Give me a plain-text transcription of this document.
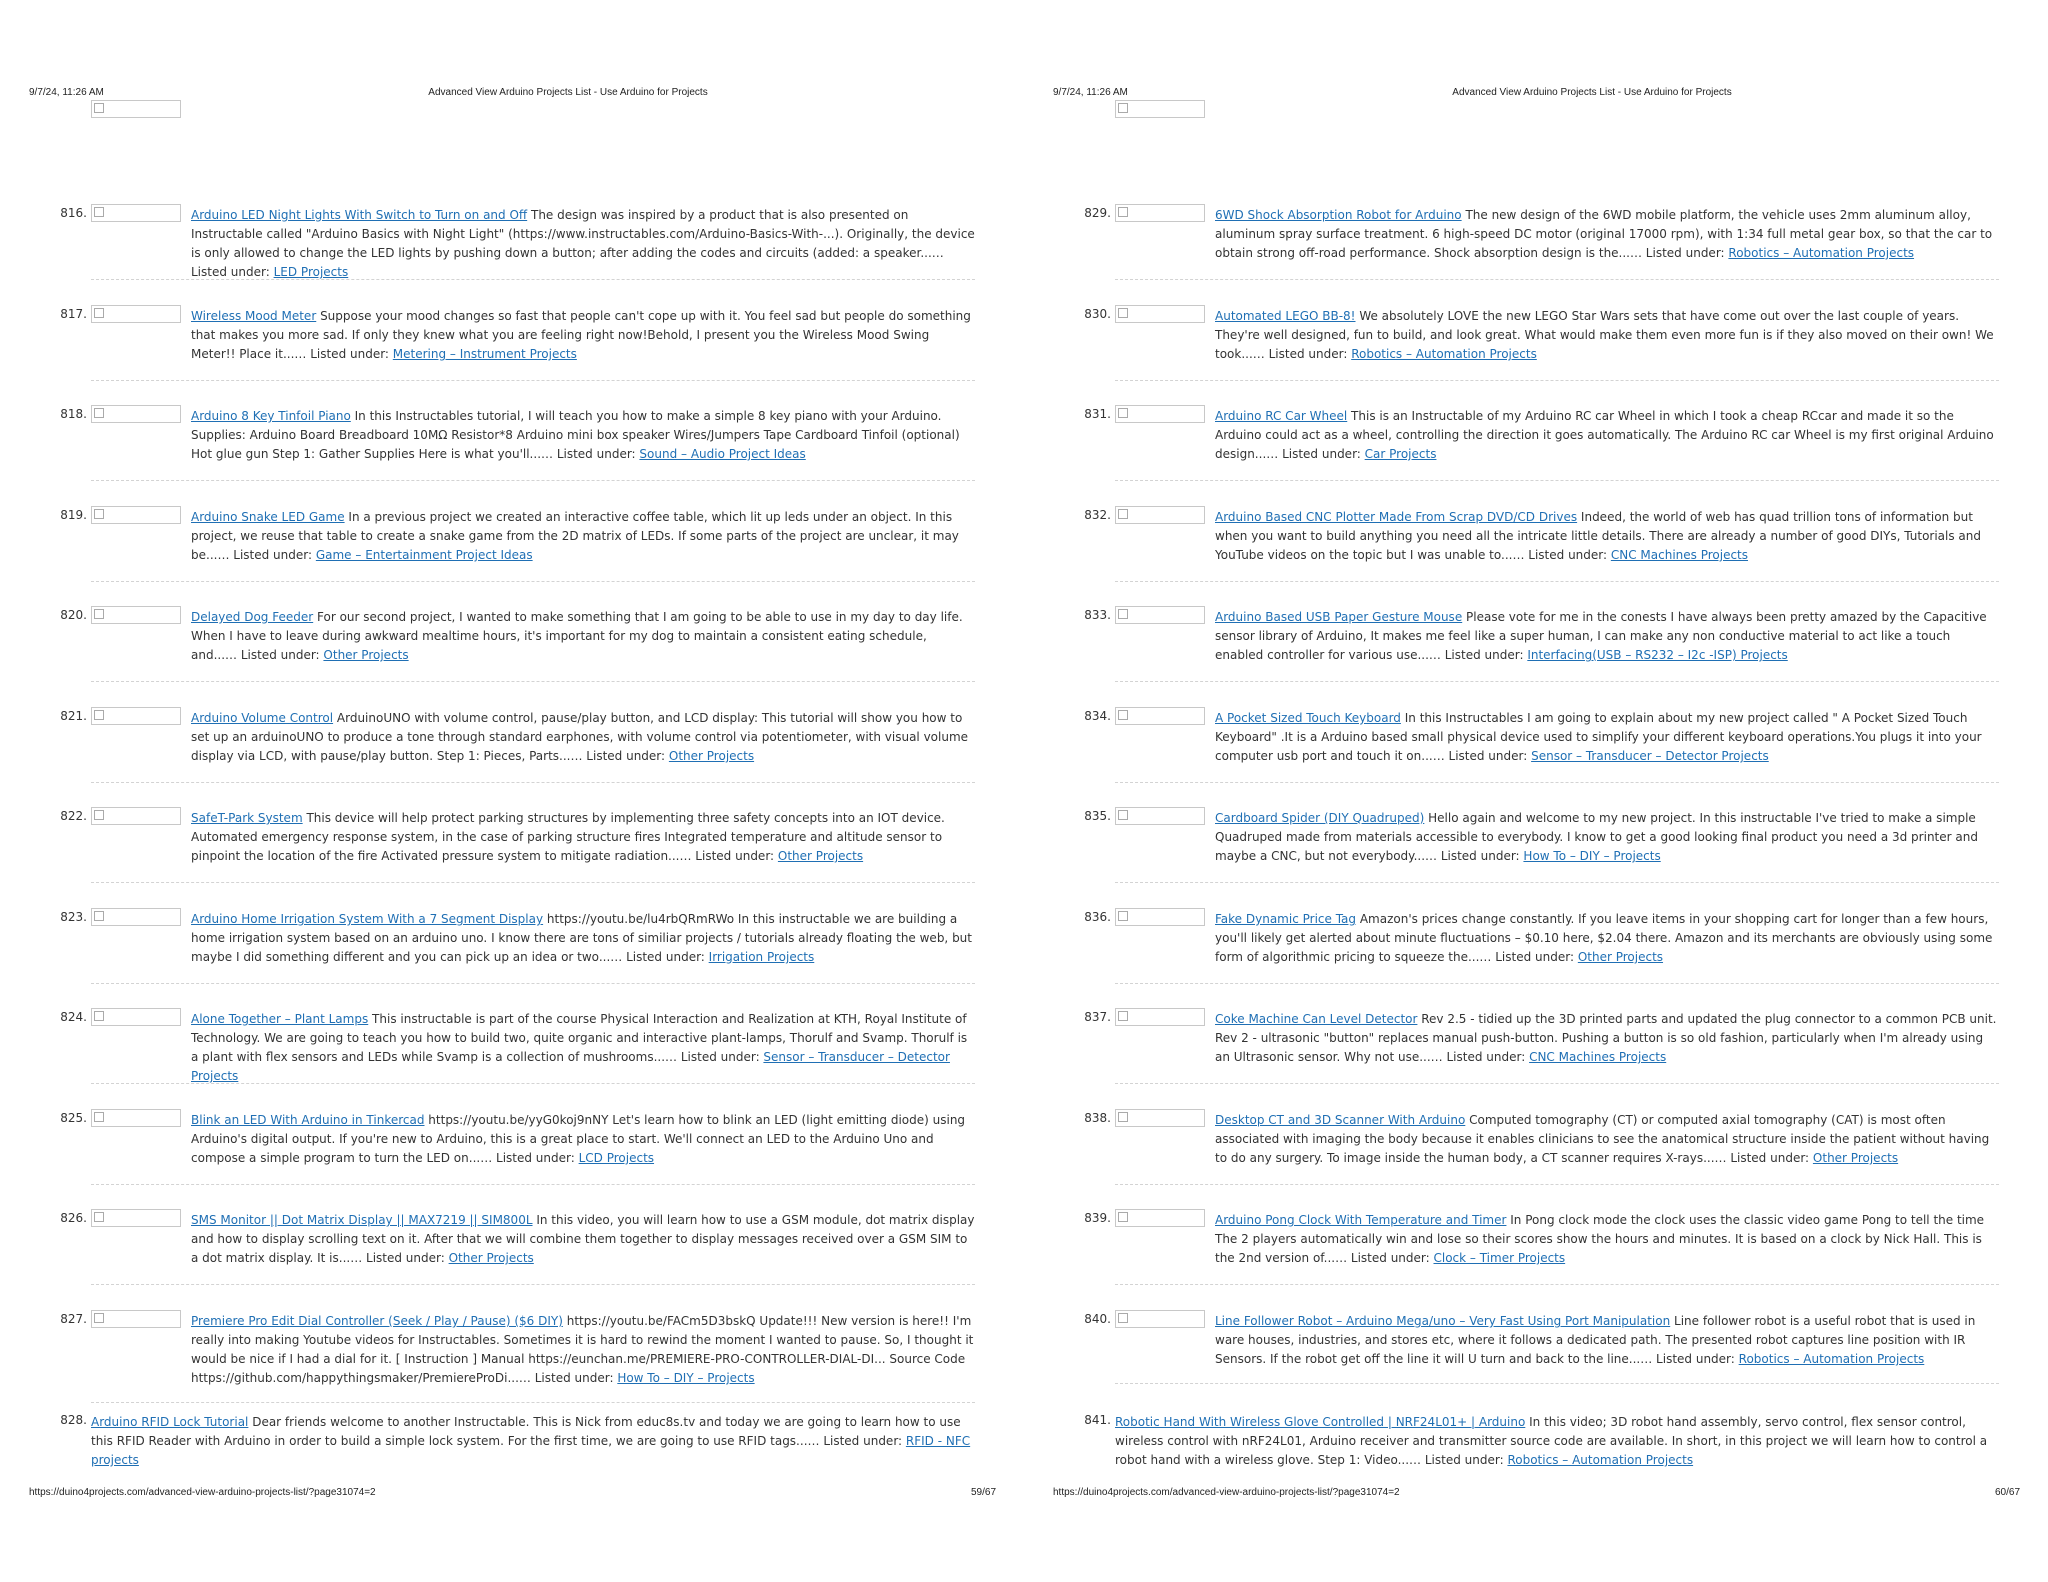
9/7/24, 11:26 AM	Advanced View Arduino Projects List - Use Arduino for Projects
816.	Arduino LED Night Lights With Switch to Turn on and Off The design was inspired by a product that is also presented on Instructable called "Arduino Basics with Night Light" (https://www.instructables.com/Arduino-Basics-With-...). Originally, the device is only allowed to change the LED lights by pushing down a button; after adding the codes and circuits (added: a speaker...… Listed under: LED Projects
817.	Wireless Mood Meter Suppose your mood changes so fast that people can't cope up with it. You feel sad but people do something that makes you more sad. If only they knew what you are feeling right now!Behold, I present you the Wireless Mood Swing Meter!! Place it...… Listed under: Metering – Instrument Projects
818.	Arduino 8 Key Tinfoil Piano In this Instructables tutorial, I will teach you how to make a simple 8 key piano with your Arduino. Supplies: Arduino Board Breadboard 10MΩ Resistor*8 Arduino mini box speaker Wires/Jumpers Tape Cardboard Tinfoil (optional) Hot glue gun Step 1: Gather Supplies Here is what you'll...… Listed under: Sound – Audio Project Ideas
819.	Arduino Snake LED Game In a previous project we created an interactive coffee table, which lit up leds under an object. In this project, we reuse that table to create a snake game from the 2D matrix of LEDs. If some parts of the project are unclear, it may be...… Listed under: Game – Entertainment Project Ideas
820.	Delayed Dog Feeder For our second project, I wanted to make something that I am going to be able to use in my day to day life. When I have to leave during awkward mealtime hours, it's important for my dog to maintain a consistent eating schedule, and...… Listed under: Other Projects
821.	Arduino Volume Control ArduinoUNO with volume control, pause/play button, and LCD display: This tutorial will show you how to set up an arduinoUNO to produce a tone through standard earphones, with volume control via potentiometer, with visual volume display via LCD, with pause/play button. Step 1: Pieces, Parts...… Listed under: Other Projects
822.	SafeT-Park System This device will help protect parking structures by implementing three safety concepts into an IOT device. Automated emergency response system, in the case of parking structure fires Integrated temperature and altitude sensor to pinpoint the location of the fire Activated pressure system to mitigate radiation...… Listed under: Other Projects
823.	Arduino Home Irrigation System With a 7 Segment Display https://youtu.be/lu4rbQRmRWo In this instructable we are building a home irrigation system based on an arduino uno. I know there are tons of similiar projects / tutorials already floating the web, but maybe I did something different and you can pick up an idea or two...… Listed under: Irrigation Projects
824.	Alone Together – Plant Lamps This instructable is part of the course Physical Interaction and Realization at KTH, Royal Institute of Technology. We are going to teach you how to build two, quite organic and interactive plant-lamps, Thorulf and Svamp. Thorulf is a plant with flex sensors and LEDs while Svamp is a collection of mushrooms...… Listed under: Sensor – Transducer – Detector Projects
825.	Blink an LED With Arduino in Tinkercad https://youtu.be/yyG0koj9nNY Let's learn how to blink an LED (light emitting diode) using Arduino's digital output. If you're new to Arduino, this is a great place to start. We'll connect an LED to the Arduino Uno and compose a simple program to turn the LED on...… Listed under: LCD Projects
826.	SMS Monitor || Dot Matrix Display || MAX7219 || SIM800L In this video, you will learn how to use a GSM module, dot matrix display and how to display scrolling text on it. After that we will combine them together to display messages received over a GSM SIM to a dot matrix display. It is...… Listed under: Other Projects
827.	Premiere Pro Edit Dial Controller (Seek / Play / Pause) ($6 DIY) https://youtu.be/FACm5D3bskQ Update!!! New version is here!! I'm really into making Youtube videos for Instructables. Sometimes it is hard to rewind the moment I wanted to pause. So, I thought it would be nice if I had a dial for it. [ Instruction ] Manual https://eunchan.me/PREMIERE-PRO-CONTROLLER-DIAL-DI... Source Code https://github.com/happythingsmaker/PremiereProDi...… Listed under: How To – DIY – Projects
828. Arduino RFID Lock Tutorial Dear friends welcome to another Instructable. This is Nick from educ8s.tv and today we are going to learn how to use this RFID Reader with Arduino in order to build a simple lock system. For the first time, we are going to use RFID tags...… Listed under: RFID - NFC projects
https://duino4projects.com/advanced-view-arduino-projects-list/?page31074=2	59/67
9/7/24, 11:26 AM	Advanced View Arduino Projects List - Use Arduino for Projects
829.	6WD Shock Absorption Robot for Arduino The new design of the 6WD mobile platform, the vehicle uses 2mm aluminum alloy, aluminum spray surface treatment. 6 high-speed DC motor (original 17000 rpm), with 1:34 full metal gear box, so that the car to obtain strong off-road performance. Shock absorption design is the...… Listed under: Robotics – Automation Projects
830.	Automated LEGO BB-8! We absolutely LOVE the new LEGO Star Wars sets that have come out over the last couple of years. They're well designed, fun to build, and look great. What would make them even more fun is if they also moved on their own! We took...… Listed under: Robotics – Automation Projects
831.	Arduino RC Car Wheel This is an Instructable of my Arduino RC car Wheel in which I took a cheap RCcar and made it so the Arduino could act as a wheel, controlling the direction it goes automatically. The Arduino RC car Wheel is my first original Arduino design...… Listed under: Car Projects
832.	Arduino Based CNC Plotter Made From Scrap DVD/CD Drives Indeed, the world of web has quad trillion tons of information but when you want to build anything you need all the intricate little details. There are already a number of good DIYs, Tutorials and YouTube videos on the topic but I was unable to...… Listed under: CNC Machines Projects
833.	Arduino Based USB Paper Gesture Mouse Please vote for me in the conests I have always been pretty amazed by the Capacitive sensor library of Arduino, It makes me feel like a super human, I can make any non conductive material to act like a touch enabled controller for various use...… Listed under: Interfacing(USB – RS232 – I2c -ISP) Projects
834.	A Pocket Sized Touch Keyboard In this Instructables I am going to explain about my new project called " A Pocket Sized Touch Keyboard" .It is a Arduino based small physical device used to simplify your different keyboard operations.You plugs it into your computer usb port and touch it on...… Listed under: Sensor – Transducer – Detector Projects
835.	Cardboard Spider (DIY Quadruped) Hello again and welcome to my new project. In this instructable I've tried to make a simple Quadruped made from materials accessible to everybody. I know to get a good looking final product you need a 3d printer and maybe a CNC, but not everybody...… Listed under: How To – DIY – Projects
836.	Fake Dynamic Price Tag Amazon's prices change constantly. If you leave items in your shopping cart for longer than a few hours, you'll likely get alerted about minute fluctuations – $0.10 here, $2.04 there. Amazon and its merchants are obviously using some form of algorithmic pricing to squeeze the...… Listed under: Other Projects
837.	Coke Machine Can Level Detector Rev 2.5 - tidied up the 3D printed parts and updated the plug connector to a common PCB unit. Rev 2 - ultrasonic "button" replaces manual push-button. Pushing a button is so old fashion, particularly when I'm already using an Ultrasonic sensor. Why not use...… Listed under: CNC Machines Projects
838.	Desktop CT and 3D Scanner With Arduino Computed tomography (CT) or computed axial tomography (CAT) is most often associated with imaging the body because it enables clinicians to see the anatomical structure inside the patient without having to do any surgery. To image inside the human body, a CT scanner requires X-rays...… Listed under: Other Projects
839.	Arduino Pong Clock With Temperature and Timer In Pong clock mode the clock uses the classic video game Pong to tell the time The 2 players automatically win and lose so their scores show the hours and minutes. It is based on a clock by Nick Hall. This is the 2nd version of...… Listed under: Clock – Timer Projects
840.	Line Follower Robot – Arduino Mega/uno – Very Fast Using Port Manipulation Line follower robot is a useful robot that is used in ware houses, industries, and stores etc, where it follows a dedicated path. The presented robot captures line position with IR Sensors. If the robot get off the line it will U turn and back to the line...… Listed under: Robotics – Automation Projects
841. Robotic Hand With Wireless Glove Controlled | NRF24L01+ | Arduino In this video; 3D robot hand assembly, servo control, flex sensor control, wireless control with nRF24L01, Arduino receiver and transmitter source code are available. In short, in this project we will learn how to control a robot hand with a wireless glove. Step 1: Video...… Listed under: Robotics – Automation Projects
https://duino4projects.com/advanced-view-arduino-projects-list/?page31074=2	60/67
